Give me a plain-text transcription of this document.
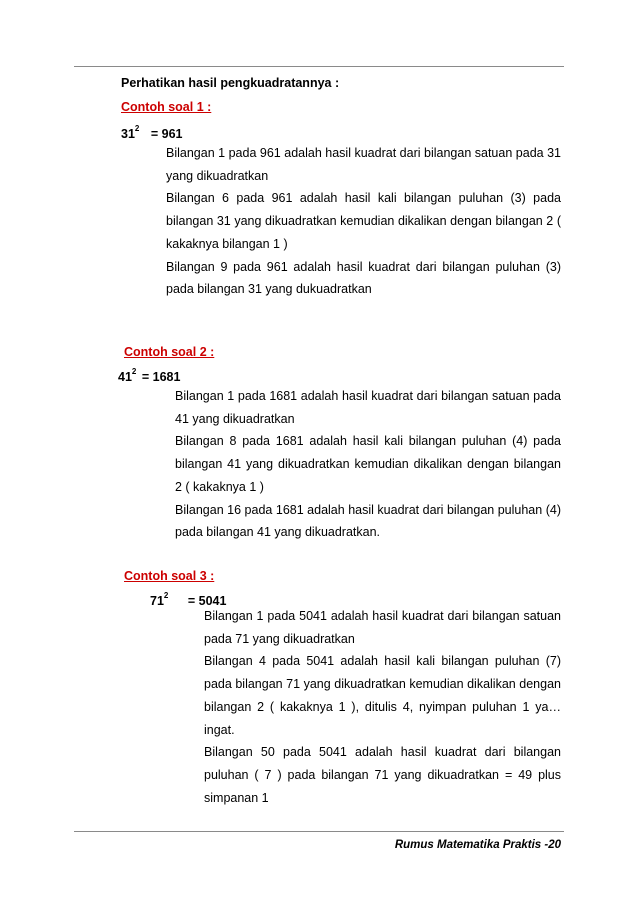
Perhatikan hasil pengkuadratannya :
Contoh soal 1 :
$31^2 = 961$

Bilangan 1 pada 961 adalah hasil kuadrat dari bilangan satuan pada 31 yang dikuadratkan

Bilangan 6 pada 961 adalah hasil kali bilangan puluhan (3) pada bilangan 31 yang dikuadratkan kemudian dikalikan dengan bilangan 2 ( kakaknya bilangan 1 )

Bilangan 9 pada 961 adalah hasil kuadrat dari bilangan puluhan (3) pada bilangan 31 yang dukuadratkan

Contoh soal 2 :
$41^2 = 1681$

Bilangan 1 pada 1681 adalah hasil kuadrat dari bilangan satuan pada 41 yang dikuadratkan

Bilangan 8 pada 1681 adalah hasil kali bilangan puluhan (4) pada bilangan 41 yang dikuadratkan kemudian dikalikan dengan bilangan 2 ( kakaknya 1 )

Bilangan 16 pada 1681 adalah hasil kuadrat dari bilangan puluhan (4) pada bilangan 41 yang dikuadratkan.

Contoh soal 3 :
$71^2 = 5041$

Bilangan 1 pada 5041 adalah hasil kuadrat dari bilangan satuan pada 71 yang dikuadratkan

Bilangan 4 pada 5041 adalah hasil kali bilangan puluhan (7) pada bilangan 71 yang dikuadratkan kemudian dikalikan dengan bilangan 2 ( kakaknya 1 ), ditulis 4, nyimpan puluhan 1 ya…ingat.

Bilangan 50 pada 5041 adalah hasil kuadrat dari bilangan puluhan ( 7 ) pada bilangan 71 yang dikuadratkan = 49 plus simpanan 1

Rumus Matematika Praktis -20
